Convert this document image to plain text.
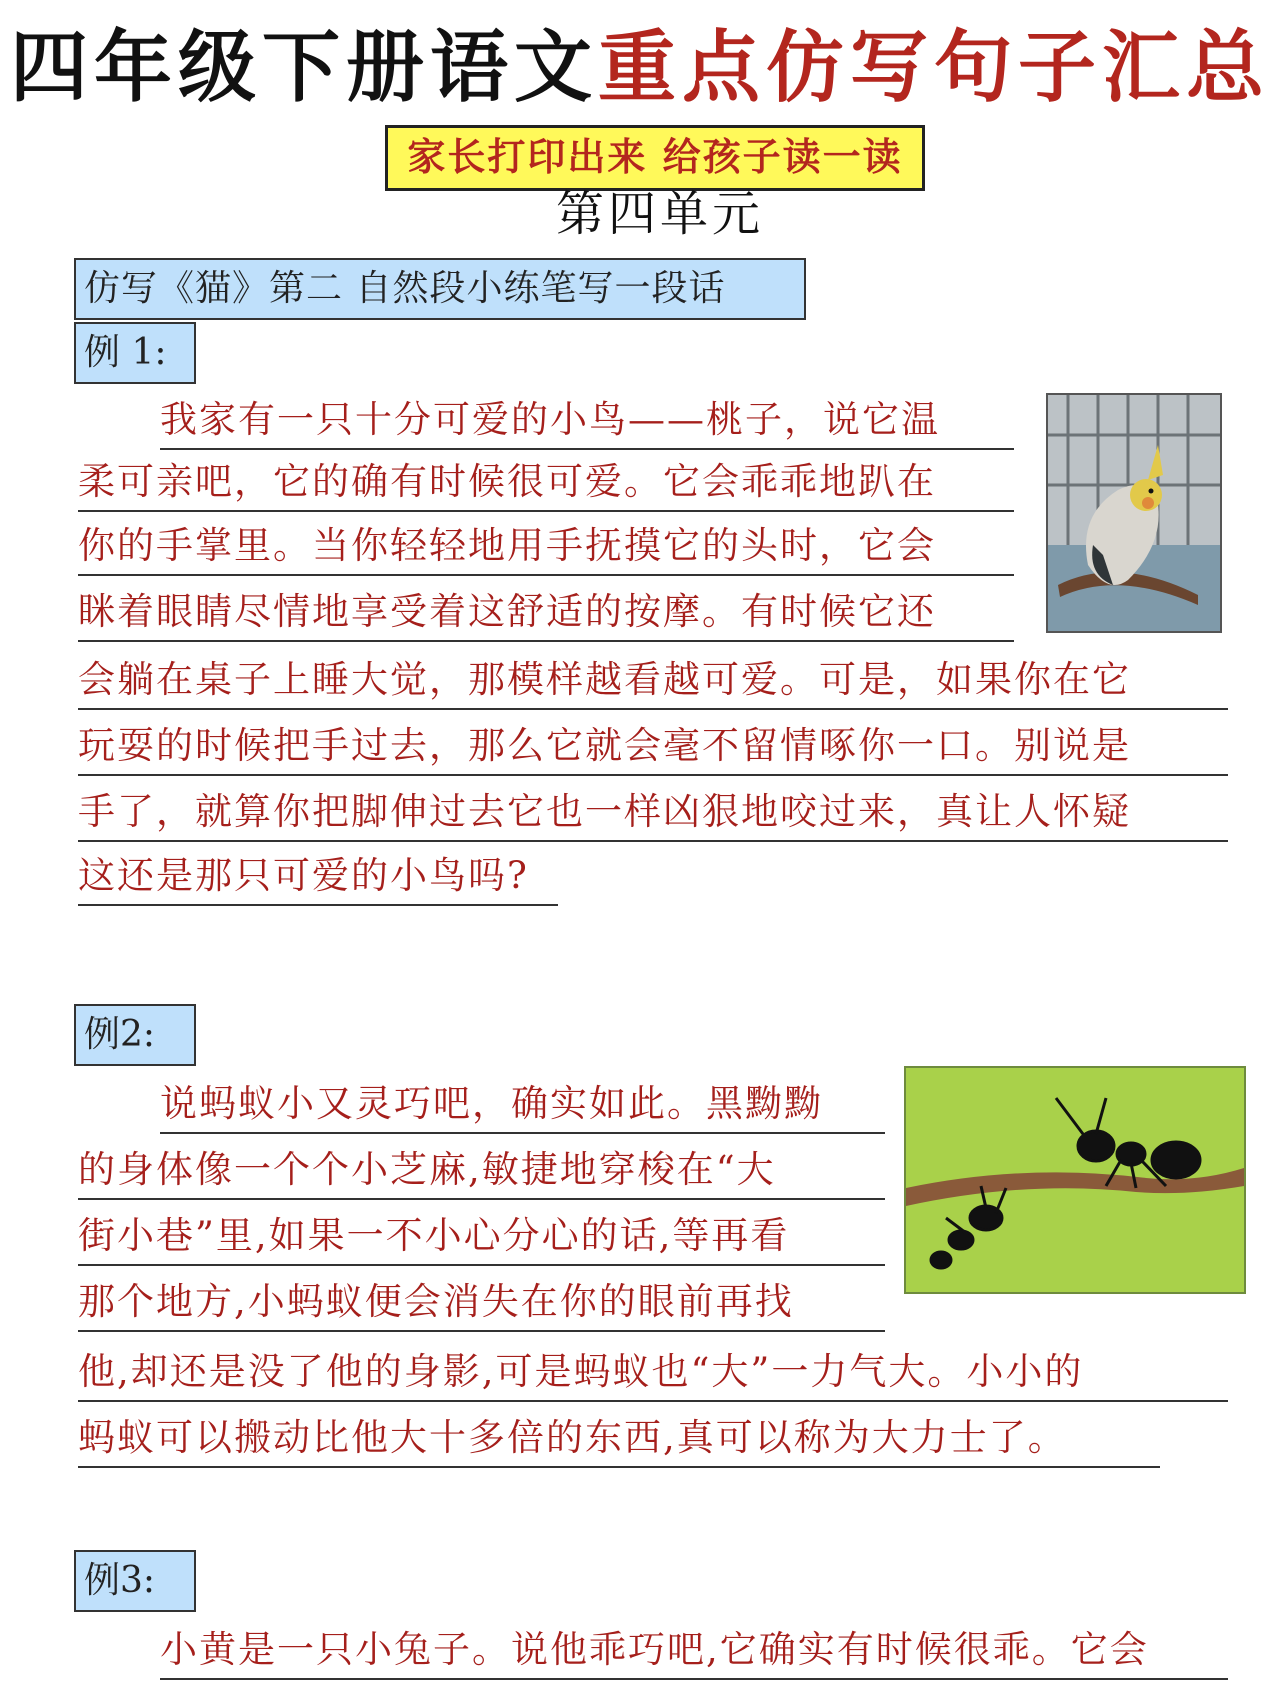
四年级下册语文重点仿写句子汇总
家长打印出来 给孩子读一读
第四单元
仿写《猫》第二 自然段小练笔写一段话
例 1:
我家有一只十分可爱的小鸟——桃子，说它温
柔可亲吧，它的确有时候很可爱。它会乖乖地趴在
你的手掌里。当你轻轻地用手抚摸它的头时，它会
眯着眼睛尽情地享受着这舒适的按摩。有时候它还
会躺在桌子上睡大觉，那模样越看越可爱。可是，如果你在它
玩耍的时候把手过去，那么它就会毫不留情啄你一口。别说是
手了，就算你把脚伸过去它也一样凶狠地咬过来，真让人怀疑
这还是那只可爱的小鸟吗?
例2:
说蚂蚁小又灵巧吧，确实如此。黑黝黝
的身体像一个个小芝麻,敏捷地穿梭在“大
街小巷”里,如果一不小心分心的话,等再看
那个地方,小蚂蚁便会消失在你的眼前再找
他,却还是没了他的身影,可是蚂蚁也“大”一力气大。小小的
蚂蚁可以搬动比他大十多倍的东西,真可以称为大力士了。
例3:
小黄是一只小兔子。说他乖巧吧,它确实有时候很乖。它会
